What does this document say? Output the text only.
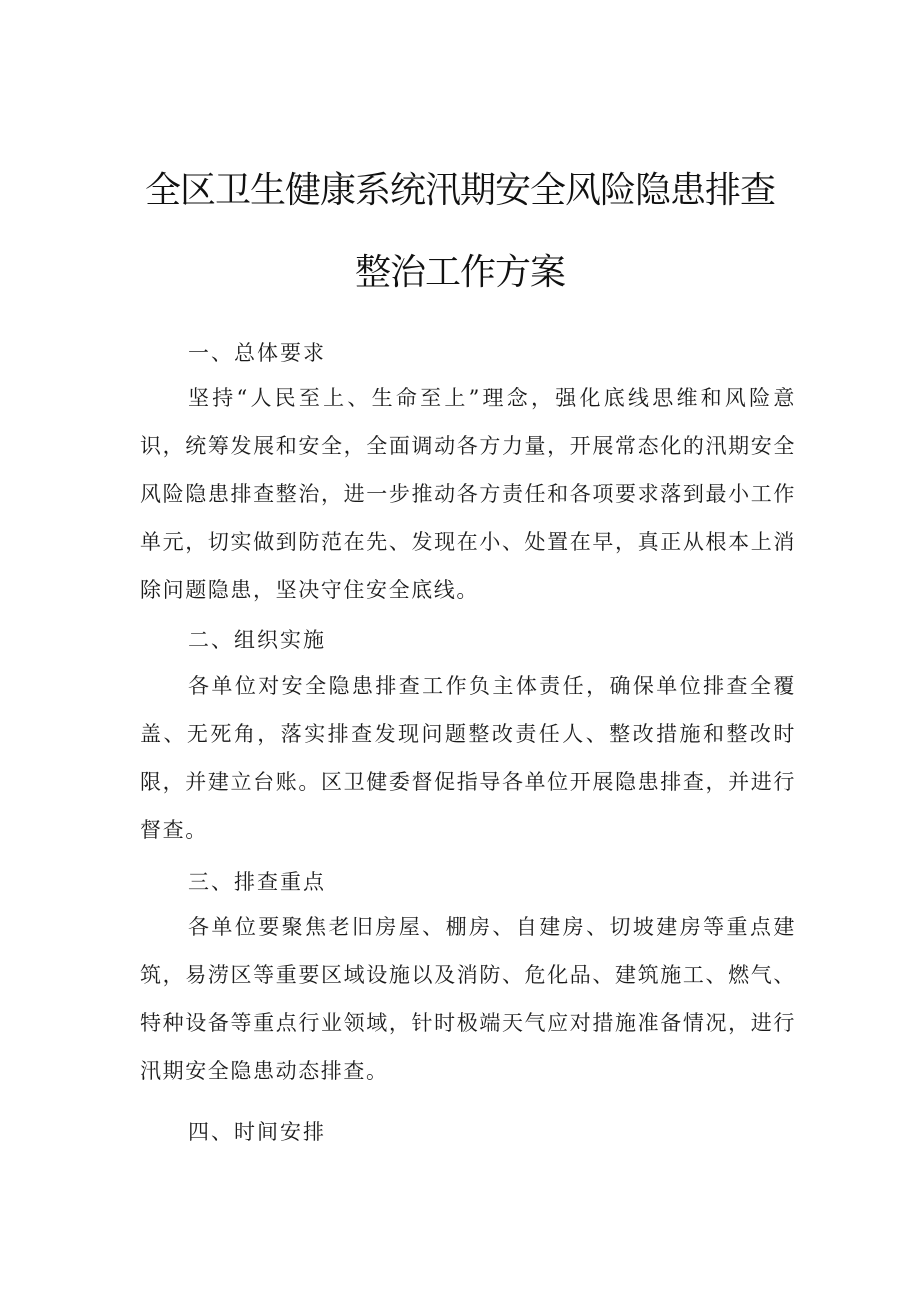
全区卫生健康系统汛期安全风险隐患排查
整治工作方案
一、总体要求
坚持“人民至上、生命至上”理念，强化底线思维和风险意识，统筹发展和安全，全面调动各方力量，开展常态化的汛期安全风险隐患排查整治，进一步推动各方责任和各项要求落到最小工作单元，切实做到防范在先、发现在小、处置在早，真正从根本上消除问题隐患，坚决守住安全底线。
二、组织实施
各单位对安全隐患排查工作负主体责任，确保单位排查全覆盖、无死角，落实排查发现问题整改责任人、整改措施和整改时限，并建立台账。区卫健委督促指导各单位开展隐患排查，并进行督查。
三、排查重点
各单位要聚焦老旧房屋、棚房、自建房、切坡建房等重点建筑，易涝区等重要区域设施以及消防、危化品、建筑施工、燃气、特种设备等重点行业领域，针时极端天气应对措施准备情况，进行汛期安全隐患动态排查。
四、时间安排
